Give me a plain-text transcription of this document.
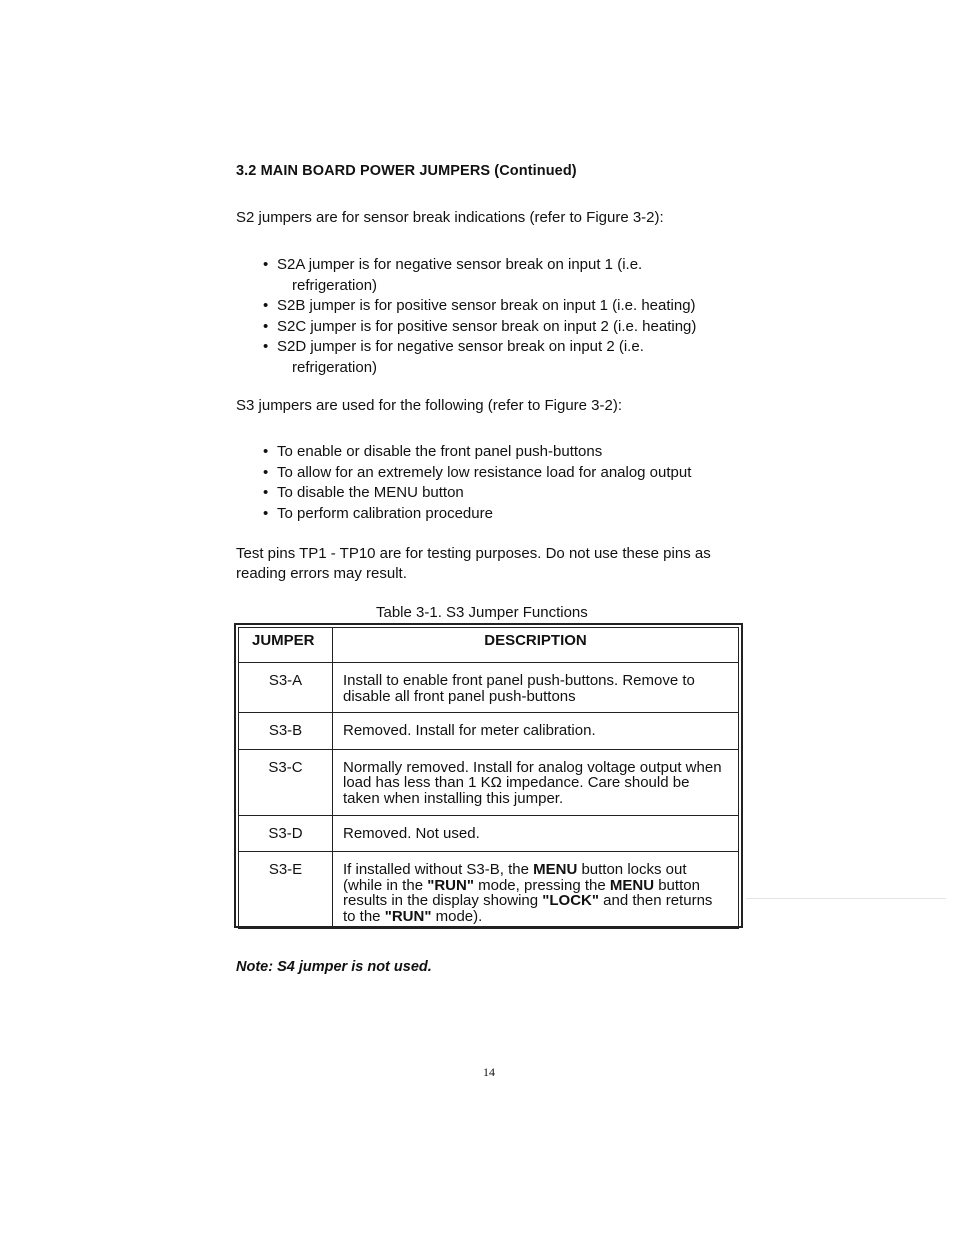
3.2 MAIN BOARD POWER JUMPERS (Continued)
S2 jumpers are for sensor break indications (refer to Figure 3-2):
• S2A jumper is for negative sensor break on input 1 (i.e.
refrigeration)
• S2B jumper is for positive sensor break on input 1 (i.e. heating)
• S2C jumper is for positive sensor break on input 2 (i.e. heating)
• S2D jumper is for negative sensor break on input 2 (i.e.
refrigeration)
S3 jumpers are used for the following (refer to Figure 3-2):
• To enable or disable the front panel push-buttons
• To allow for an extremely low resistance load for analog output
• To disable the MENU button
• To perform calibration procedure
Test pins TP1 - TP10 are for testing purposes. Do not use these pins as reading errors may result.
Table 3-1. S3 Jumper Functions
JUMPER	DESCRIPTION
S3-A	Install to enable front panel push-buttons. Remove to disable all front panel push-buttons
S3-B	Removed. Install for meter calibration.
S3-C	Normally removed. Install for analog voltage output when load has less than 1 KΩ impedance. Care should be taken when installing this jumper.
S3-D	Removed. Not used.
S3-E	If installed without S3-B, the MENU button locks out (while in the "RUN" mode, pressing the MENU button results in the display showing "LOCK" and then returns to the "RUN" mode).
Note: S4 jumper is not used.
14
